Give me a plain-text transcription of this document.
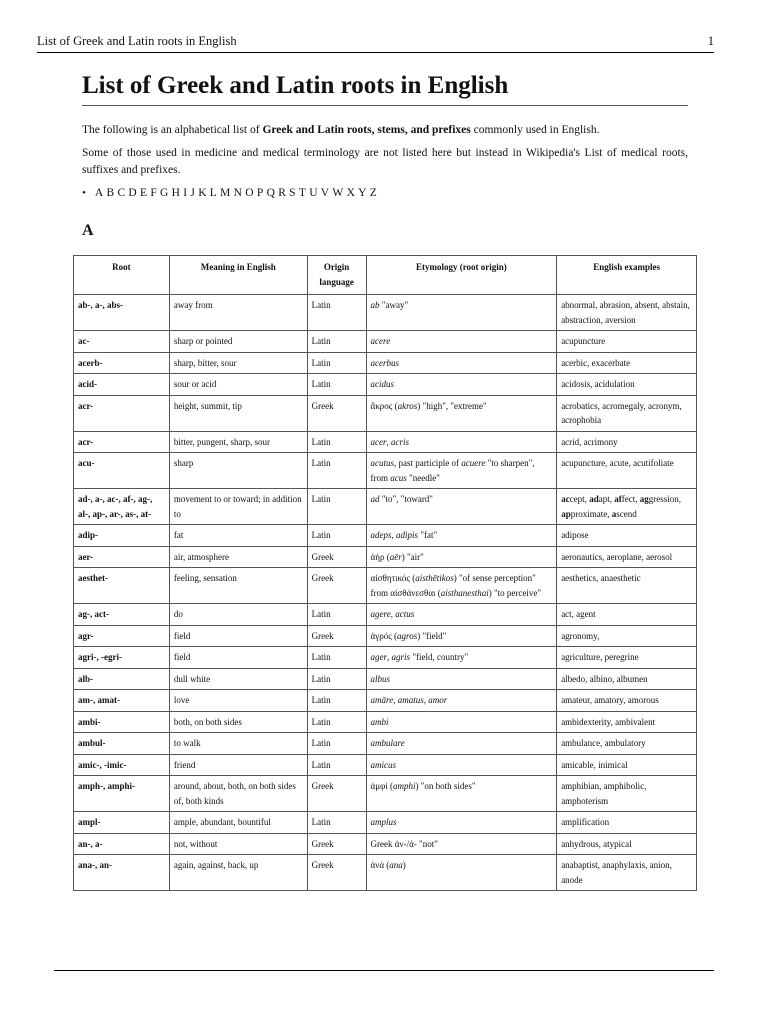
List of Greek and Latin roots in English	1
List of Greek and Latin roots in English

The following is an alphabetical list of Greek and Latin roots, stems, and prefixes commonly used in English.

Some of those used in medicine and medical terminology are not listed here but instead in Wikipedia's List of medical roots, suffixes and prefixes.

• A B C D E F G H I J K L M N O P Q R S T U V W X Y Z
A
Root	Meaning in English	Origin language	Etymology (root origin)	English examples
ab-, a-, abs-	away from	Latin	ab "away"	abnormal, abrasion, absent, abstain, abstraction, aversion
ac-	sharp or pointed	Latin	acere	acupuncture
acerb-	sharp, bitter, sour	Latin	acerbus	acerbic, exacerbate
acid-	sour or acid	Latin	acidus	acidosis, acidulation
acr-	height, summit, tip	Greek	ἄκρος (akros) "high", "extreme"	acrobatics, acromegaly, acronym, acrophobia
acr-	bitter, pungent, sharp, sour	Latin	acer, acris	acrid, acrimony
acu-	sharp	Latin	acutus, past participle of acuere "to sharpen", from acus "needle"	acupuncture, acute, acutifoliate
ad-, a-, ac-, af-, ag-, al-, ap-, ar-, as-, at-	movement to or toward; in addition to	Latin	ad "to", "toward"	accept, adapt, affect, aggression, approximate, ascend
adip-	fat	Latin	adeps, adipis "fat"	adipose
aer-	air, atmosphere	Greek	ἀήρ (aēr) "air"	aeronautics, aeroplane, aerosol
aesthet-	feeling, sensation	Greek	αἰσθητικός (aisthētikos) "of sense perception" from αἰσθάνεσθαι (aisthanesthai) "to perceive"	aesthetics, anaesthetic
ag-, act-	do	Latin	agere, actus	act, agent
agr-	field	Greek	ἀγρός (agros) "field"	agronomy,
agri-, -egri-	field	Latin	ager, agris "field, country"	agriculture, peregrine
alb-	dull white	Latin	albus	albedo, albino, albumen
am-, amat-	love	Latin	amāre, amatus, amor	amateur, amatory, amorous
ambi-	both, on both sides	Latin	ambi	ambidexterity, ambivalent
ambul-	to walk	Latin	ambulare	ambulance, ambulatory
amic-, -imic-	friend	Latin	amicus	amicable, inimical
amph-, amphi-	around, about, both, on both sides of, both kinds	Greek	ἀμφί (amphi) "on both sides"	amphibian, amphibolic, amphoterism
ampl-	ample, abundant, bountiful	Latin	amplus	amplification
an-, a-	not, without	Greek	Greek ἀν-/ἀ- "not"	anhydrous, atypical
ana-, an-	again, against, back, up	Greek	ἀνά (ana)	anabaptist, anaphylaxis, anion, anode
